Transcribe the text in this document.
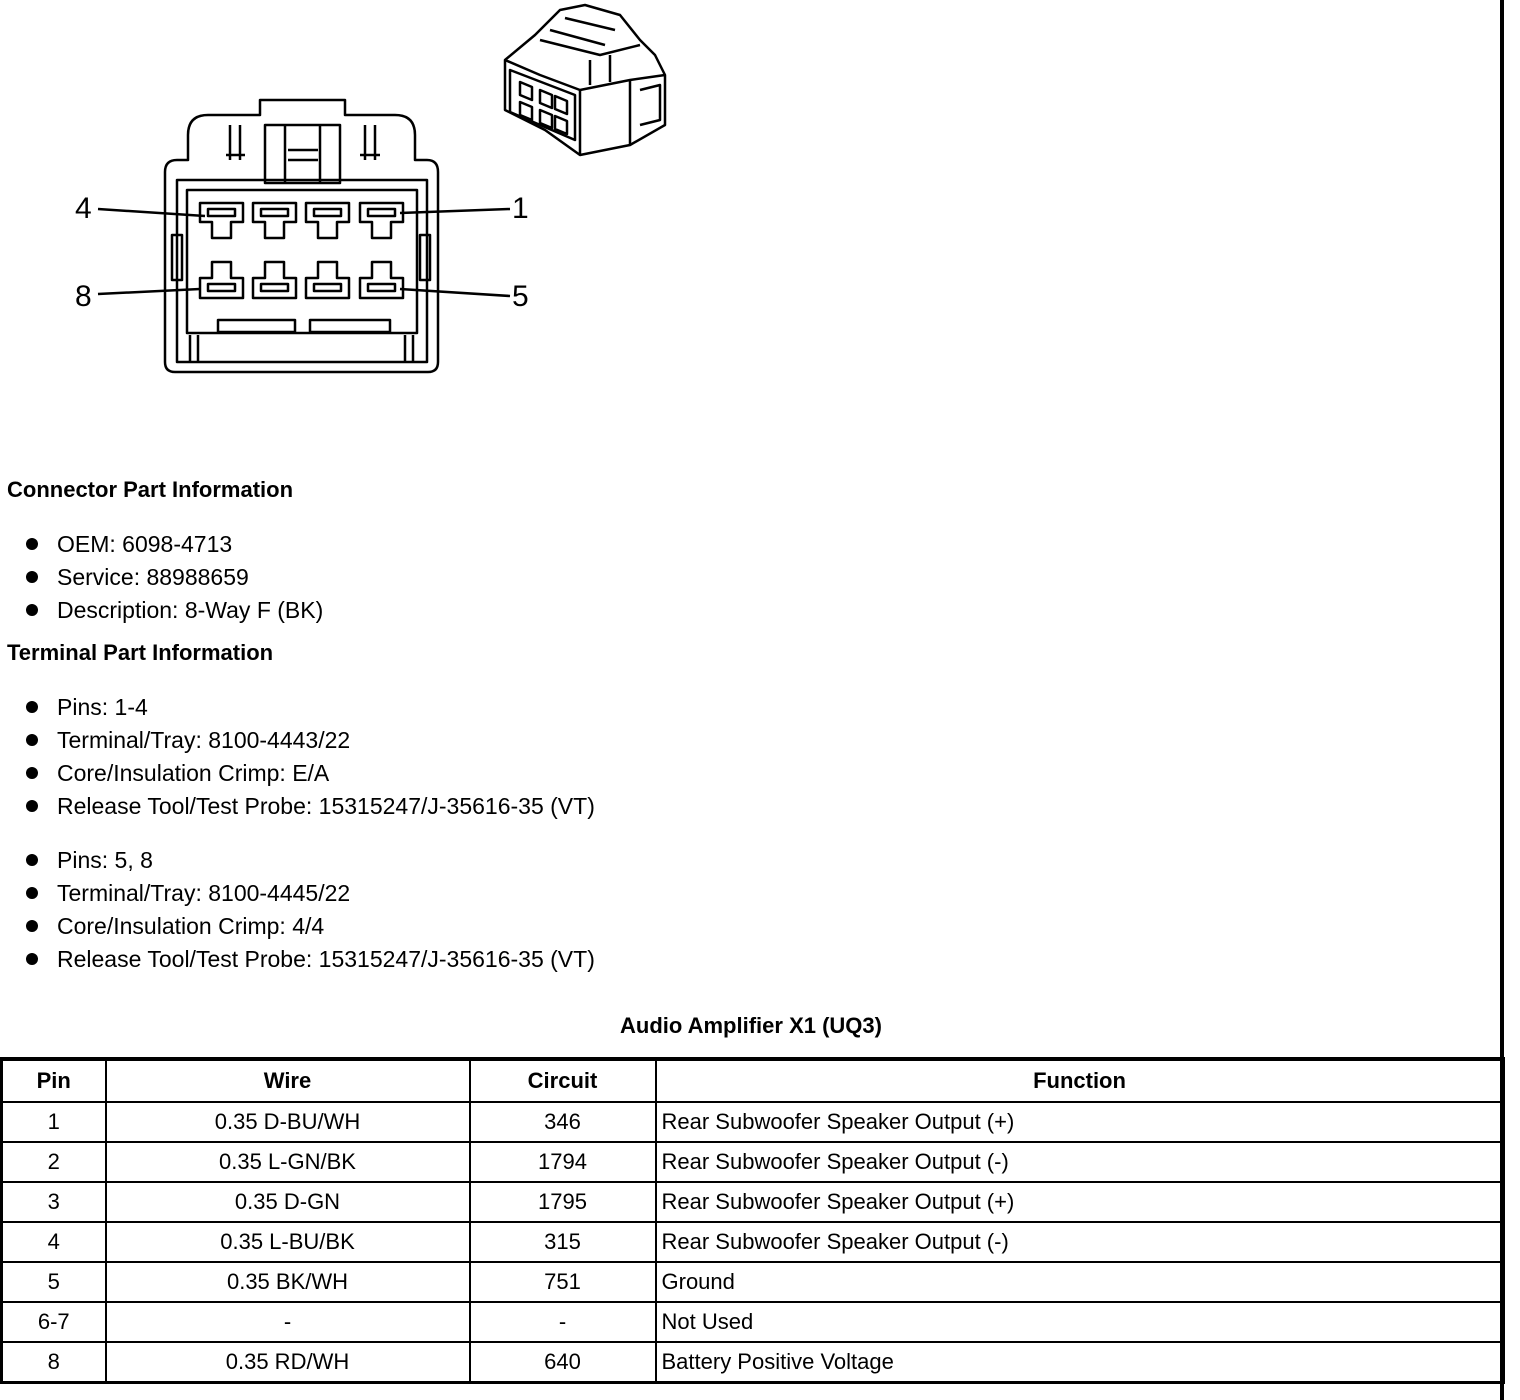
4	1
8	5
Connector Part Information
OEM: 6098-4713
Service: 88988659
Description: 8-Way F (BK)
Terminal Part Information
Pins: 1-4
Terminal/Tray: 8100-4443/22
Core/Insulation Crimp: E/A
Release Tool/Test Probe: 15315247/J-35616-35 (VT)
Pins: 5, 8
Terminal/Tray: 8100-4445/22
Core/Insulation Crimp: 4/4
Release Tool/Test Probe: 15315247/J-35616-35 (VT)
Audio Amplifier X1 (UQ3)
Pin	Wire	Circuit	Function
1	0.35 D-BU/WH	346	Rear Subwoofer Speaker Output (+)
2	0.35 L-GN/BK	1794	Rear Subwoofer Speaker Output (-)
3	0.35 D-GN	1795	Rear Subwoofer Speaker Output (+)
4	0.35 L-BU/BK	315	Rear Subwoofer Speaker Output (-)
5	0.35 BK/WH	751	Ground
6-7	-	-	Not Used
8	0.35 RD/WH	640	Battery Positive Voltage
